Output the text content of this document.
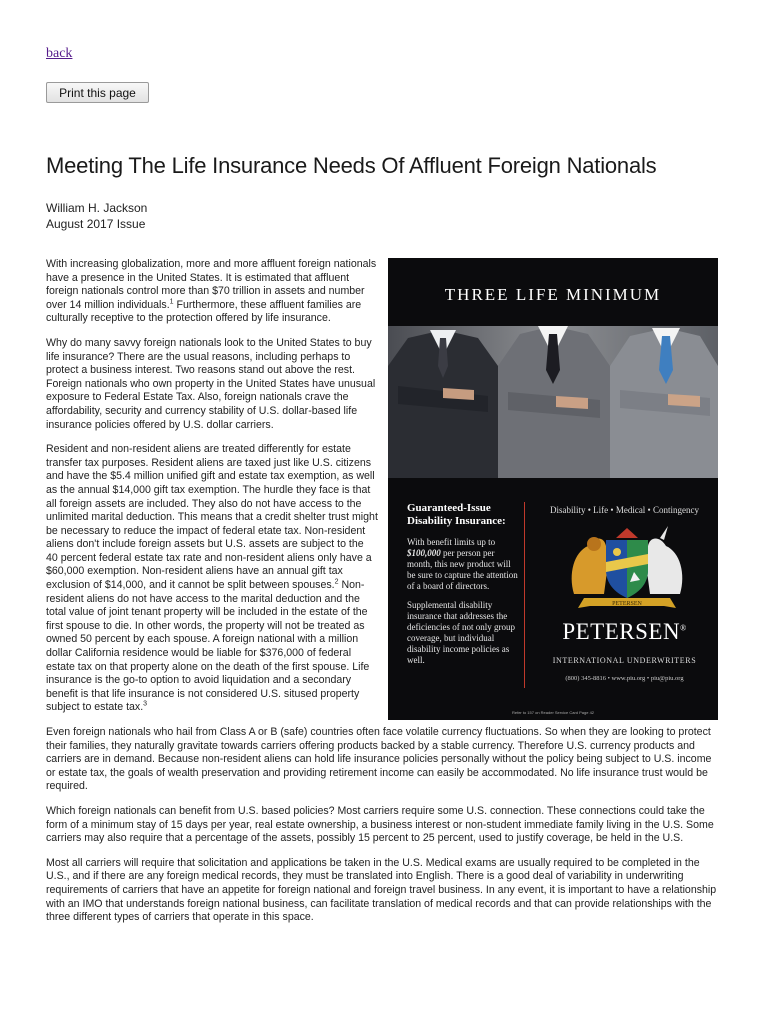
back
Print this page
Meeting The Life Insurance Needs Of Affluent Foreign Nationals
William H. Jackson
August 2017 Issue
THREE LIFE MINIMUM
Guaranteed-Issue Disability Insurance:
With benefit limits up to $100,000 per person per month, this new product will be sure to capture the attention of a board of directors.
Supplemental disability insurance that addresses the deficiencies of not only group coverage, but individual disability income policies as well.
Disability • Life • Medical • Contingency
PETERSEN
PETERSEN®
INTERNATIONAL UNDERWRITERS
(800) 345-8816 • www.piu.org • piu@piu.org
Refer to 157 on Reader Service Card Page 42

With increasing globalization, more and more affluent foreign nationals have a presence in the United States. It is estimated that affluent foreign nationals control more than $70 trillion in assets and number over 14 million individuals.$^1$ Furthermore, these affluent families are culturally receptive to the protection offered by life insurance.

Why do many savvy foreign nationals look to the United States to buy life insurance? There are the usual reasons, including perhaps to protect a business interest. Two reasons stand out above the rest. Foreign nationals who own property in the United States have unusual exposure to Federal Estate Tax. Also, foreign nationals crave the affordability, security and currency stability of U.S. dollar-based life insurance policies offered by U.S. dollar carriers.

Resident and non-resident aliens are treated differently for estate transfer tax purposes. Resident aliens are taxed just like U.S. citizens and have the $5.4 million unified gift and estate tax exemption, as well as the annual $14,000 gift tax exemption. The hurdle they face is that all foreign assets are included. They also do not have access to the unlimited marital deduction. This means that a credit shelter trust might be necessary to reduce the impact of federal etate tax. Non-resident aliens don't include foreign assets but U.S. assets are subject to the 40 percent federal estate tax rate and non-resident aliens only have a $60,000 exemption. Non-resident aliens have an annual gift tax exclusion of $14,000, and it cannot be split between spouses.$^2$ Non-resident aliens do not have access to the marital deduction and the total value of joint tenant property will be included in the estate of the first spouse to die. In other words, the property will not be treated as owned 50 percent by each spouse. A foreign national with a million dollar California residence would be liable for $376,000 of federal estate tax on that property alone on the death of the first spouse. Life insurance is the go-to option to avoid liquidation and a secondary benefit is that life insurance is not considered U.S. sitused property subject to estate tax.$^3$

Even foreign nationals who hail from Class A or B (safe) countries often face volatile currency fluctuations. So when they are looking to protect their families, they naturally gravitate towards carriers offering products backed by a stable currency. Therefore U.S. currency products and carriers are in demand. Because non-resident aliens can hold life insurance policies personally without the policy being subject to U.S. income or estate tax, the goals of wealth preservation and providing retirement income can easily be accommodated. No life insurance trust would be required.

Which foreign nationals can benefit from U.S. based policies? Most carriers require some U.S. connection. These connections could take the form of a minimum stay of 15 days per year, real estate ownership, a business interest or non-student immediate family living in the U.S. Some carriers may also require that a percentage of the assets, possibly 15 percent to 25 percent, used to justify coverage, be held in the U.S.

Most all carriers will require that solicitation and applications be taken in the U.S. Medical exams are usually required to be completed in the U.S., and if there are any foreign medical records, they must be translated into English. There is a good deal of variability in underwriting requirements of carriers that have an appetite for foreign national and foreign travel business. In any event, it is important to have a relationship with an IMO that understands foreign national business, can facilitate translation of medical records and that can provide relationships with the three different types of carriers that operate in this space.
